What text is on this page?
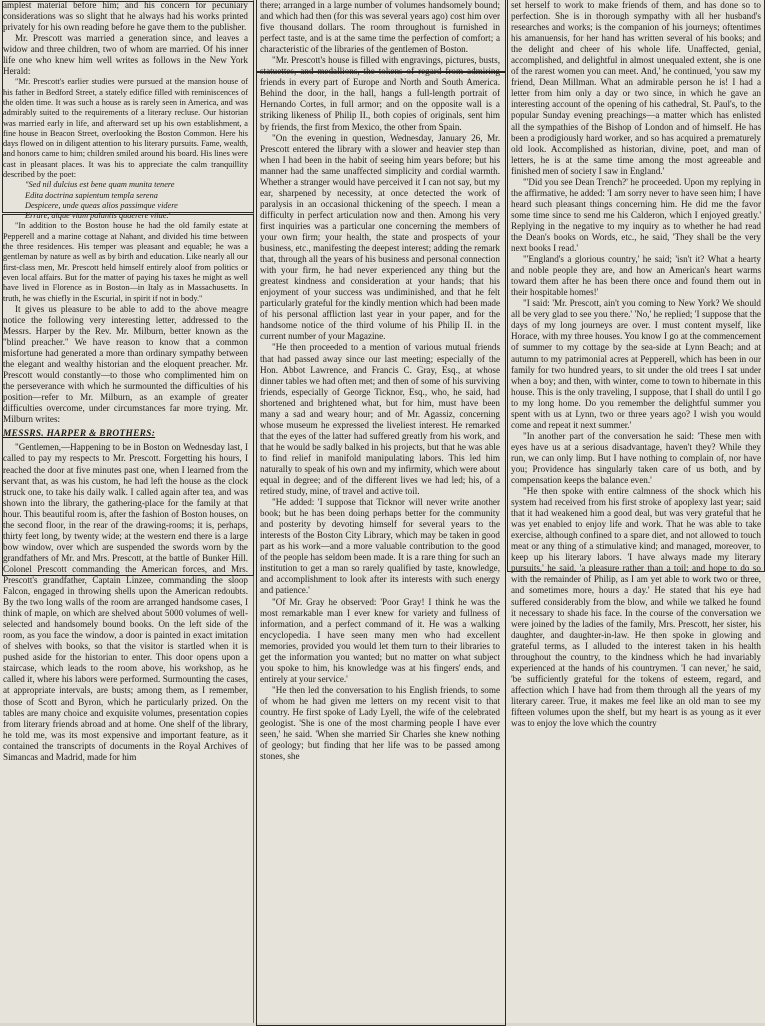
amplest material before him; and his concern for pecuniary considerations was so slight that he always had his works printed privately for his own reading before he gave them to the publisher.

Mr. Prescott was married a generation since, and leaves a widow and three children, two of whom are married. Of his inner life one who knew him well writes as follows in the New York Herald:

"Mr. Prescott's earlier studies were pursued at the mansion house of his father in Bedford Street, a stately edifice filled with reminiscences of the olden time. It was such a house as is rarely seen in America, and was admirably suited to the requirements of a literary recluse. Our historian was married early in life, and afterward set up his own establishment, a fine house in Beacon Street, overlooking the Boston Common. Here his days flowed on in diligent attention to his literary pursuits. Fame, wealth, and honors came to him; children smiled around his board. His lines were cast in pleasant places. It was his to appreciate the calm tranquillity described by the poet:

"Sed nil dulcius est bene quam munita tenere
Edita doctrina sapientum templa serena
Despicere, unde queas alios passimque videre
Errare, atque viam palantis quaerere vitae.'

"In addition to the Boston house he had the old family estate at Pepperell and a marine cottage at Nahant, and divided his time between the three residences. His temper was pleasant and equable; he was a gentleman by nature as well as by birth and education. Like nearly all our first-class men, Mr. Prescott held himself entirely aloof from politics or even local affairs. But for the matter of paying his taxes he might as well have lived in Florence as in Boston—in Italy as in Massachusetts. In truth, he was chiefly in the Escurial, in spirit if not in body."

It gives us pleasure to be able to add to the above meagre notice the following very interesting letter, addressed to the Messrs. Harper by the Rev. Mr. Milburn, better known as the "blind preacher." We have reason to know that a common misfortune had generated a more than ordinary sympathy between the elegant and wealthy historian and the eloquent preacher. Mr. Prescott would constantly—to those who complimented him on the perseverance with which he surmounted the difficulties of his position—refer to Mr. Milburn, as an example of greater difficulties overcome, under circumstances far more trying. Mr. Milburn writes:

MESSRS. HARPER & BROTHERS:

"Gentlemen,—Happening to be in Boston on Wednesday last, I called to pay my respects to Mr. Prescott. Forgetting his hours, I reached the door at five minutes past one, when I learned from the servant that, as was his custom, he had left the house as the clock struck one, to take his daily walk. I called again after tea, and was shown into the library, the gathering-place for the family at that hour. This beautiful room is, after the fashion of Boston houses, on the second floor, in the rear of the drawing-rooms; it is, perhaps, thirty feet long, by twenty wide; at the western end there is a large bow window, over which are suspended the swords worn by the grandfathers of Mr. and Mrs. Prescott, at the battle of Bunker Hill. Colonel Prescott commanding the American forces, and Mrs. Prescott's grandfather, Captain Linzee, commanding the sloop Falcon, engaged in throwing shells upon the American redoubts. By the two long walls of the room are arranged handsome cases, I think of maple, on which are shelved about 5000 volumes of well-selected and handsomely bound books. On the left side of the room, as you face the window, a door is painted in exact imitation of shelves with books, so that the visitor is startled when it is pushed aside for the historian to enter. This door opens upon a staircase, which leads to the room above, his workshop, as he called it, where his labors were performed. Surmounting the cases, at appropriate intervals, are busts; among them, as I remember, those of Scott and Byron, which he particularly prized. On the tables are many choice and exquisite volumes, presentation copies from literary friends abroad and at home. One shelf of the library, he told me, was its most expensive and important feature, as it contained the transcripts of documents in the Royal Archives of Simancas and Madrid, made for him

there; arranged in a large number of volumes handsomely bound; and which had then (for this was several years ago) cost him over five thousand dollars. The room throughout is furnished in perfect taste, and is at the same time the perfection of comfort; a characteristic of the libraries of the gentlemen of Boston.

"Mr. Prescott's house is filled with engravings, pictures, busts, statuettes, and medallions, the tokens of regard from admiring friends in every part of Europe and North and South America. Behind the door, in the hall, hangs a full-length portrait of Hernando Cortes, in full armor; and on the opposite wall is a striking likeness of Philip II., both copies of originals, sent him by friends, the first from Mexico, the other from Spain.

"On the evening in question, Wednesday, January 26, Mr. Prescott entered the library with a slower and heavier step than when I had been in the habit of seeing him years before; but his manner had the same unaffected simplicity and cordial warmth. Whether a stranger would have perceived it I can not say, but my ear, sharpened by necessity, at once detected the work of paralysis in an occasional thickening of the speech. I mean a difficulty in perfect articulation now and then. Among his very first inquiries was a particular one concerning the members of your own firm; your health, the state and prospects of your business, etc., manifesting the deepest interest; adding the remark that, through all the years of his business and personal connection with your firm, he had never experienced any thing but the greatest kindness and consideration at your hands; that his enjoyment of your success was undiminished, and that he felt particularly grateful for the kindly mention which had been made of his personal affliction last year in your paper, and for the handsome notice of the third volume of his Philip II. in the current number of your Magazine.

"He then proceeded to a mention of various mutual friends that had passed away since our last meeting; especially of the Hon. Abbot Lawrence, and Francis C. Gray, Esq., at whose dinner tables we had often met; and then of some of his surviving friends, especially of George Ticknor, Esq., who, he said, had shortened and brightened what, but for him, must have been many a sad and weary hour; and of Mr. Agassiz, concerning whose museum he expressed the liveliest interest. He remarked that the eyes of the latter had suffered greatly from his work, and that he would be sadly balked in his projects, but that he was able to find relief in manifold manipulating labors. This led him naturally to speak of his own and my infirmity, which were about equal in degree; and of the different lives we had led; his, of a retired study, mine, of travel and active toil.

"He added: 'I suppose that Ticknor will never write another book; but he has been doing perhaps better for the community and posterity by devoting himself for several years to the interests of the Boston City Library, which may be taken in good part as his work—and a more valuable contribution to the good of the people has seldom been made. It is a rare thing for such an institution to get a man so rarely qualified by taste, knowledge, and accomplishment to look after its interests with such energy and patience.'

"Of Mr. Gray he observed: 'Poor Gray! I think he was the most remarkable man I ever knew for variety and fullness of information, and a perfect command of it. He was a walking encyclopedia. I have seen many men who had excellent memories, provided you would let them turn to their libraries to get the information you wanted; but no matter on what subject you spoke to him, his knowledge was at his fingers' ends, and entirely at your service.'

"He then led the conversation to his English friends, to some of whom he had given me letters on my recent visit to that country. He first spoke of Lady Lyell, the wife of the celebrated geologist. 'She is one of the most charming people I have ever seen,' he said. 'When she married Sir Charles she knew nothing of geology; but finding that her life was to be passed among stones, she

set herself to work to make friends of them, and has done so to perfection. She is in thorough sympathy with all her husband's researches and works; is the companion of his journeys; oftentimes his amanuensis, for her hand has written several of his books; and the delight and cheer of his whole life. Unaffected, genial, accomplished, and delightful in almost unequaled extent, she is one of the rarest women you can meet. And,' he continued, 'you saw my friend, Dean Millman. What an admirable person he is! I had a letter from him only a day or two since, in which he gave an interesting account of the opening of his cathedral, St. Paul's, to the popular Sunday evening preachings—a matter which has enlisted all the sympathies of the Bishop of London and of himself. He has been a prodigiously hard worker, and so has acquired a prematurely old look. Accomplished as historian, divine, poet, and man of letters, he is at the same time among the most agreeable and finished men of society I saw in England.'

"'Did you see Dean Trench?' he proceeded. Upon my replying in the affirmative, he added: 'I am sorry never to have seen him; I have heard such pleasant things concerning him. He did me the favor some time since to send me his Calderon, which I enjoyed greatly.' Replying in the negative to my inquiry as to whether he had read the Dean's books on Words, etc., he said, 'They shall be the very next books I read.'

"'England's a glorious country,' he said; 'isn't it? What a hearty and noble people they are, and how an American's heart warms toward them after he has been there once and found them out in their hospitable homes!'

"I said: 'Mr. Prescott, ain't you coming to New York? We should all be very glad to see you there.' 'No,' he replied; 'I suppose that the days of my long journeys are over. I must content myself, like Horace, with my three houses. You know I go at the commencement of summer to my cottage by the sea-side at Lynn Beach; and at autumn to my patrimonial acres at Pepperell, which has been in our family for two hundred years, to sit under the old trees I sat under when a boy; and then, with winter, come to town to hibernate in this house. This is the only traveling, I suppose, that I shall do until I go to my long home. Do you remember the delightful summer you spent with us at Lynn, two or three years ago? I wish you would come and repeat it next summer.'

"In another part of the conversation he said: 'These men with eyes have us at a serious disadvantage, haven't they? While they run, we can only limp. But I have nothing to complain of, nor have you; Providence has singularly taken care of us both, and by compensation keeps the balance even.'

"He then spoke with entire calmness of the shock which his system had received from his first stroke of apoplexy last year; said that it had weakened him a good deal, but was very grateful that he was yet enabled to enjoy life and work. That he was able to take exercise, although confined to a spare diet, and not allowed to touch meat or any thing of a stimulative kind; and managed, moreover, to keep up his literary labors. 'I have always made my literary pursuits,' he said, 'a pleasure rather than a toil; and hope to do so with the remainder of Philip, as I am yet able to work two or three, and sometimes more, hours a day.' He stated that his eye had suffered considerably from the blow, and while we talked he found it necessary to shade his face. In the course of the conversation we were joined by the ladies of the family, Mrs. Prescott, her sister, his daughter, and daughter-in-law. He then spoke in glowing and grateful terms, as I alluded to the interest taken in his health throughout the country, to the kindness which he had invariably experienced at the hands of his countrymen. 'I can never,' he said, 'be sufficiently grateful for the tokens of esteem, regard, and affection which I have had from them through all the years of my literary career. True, it makes me feel like an old man to see my fifteen volumes upon the shelf, but my heart is as young as it ever was to enjoy the love which the country
